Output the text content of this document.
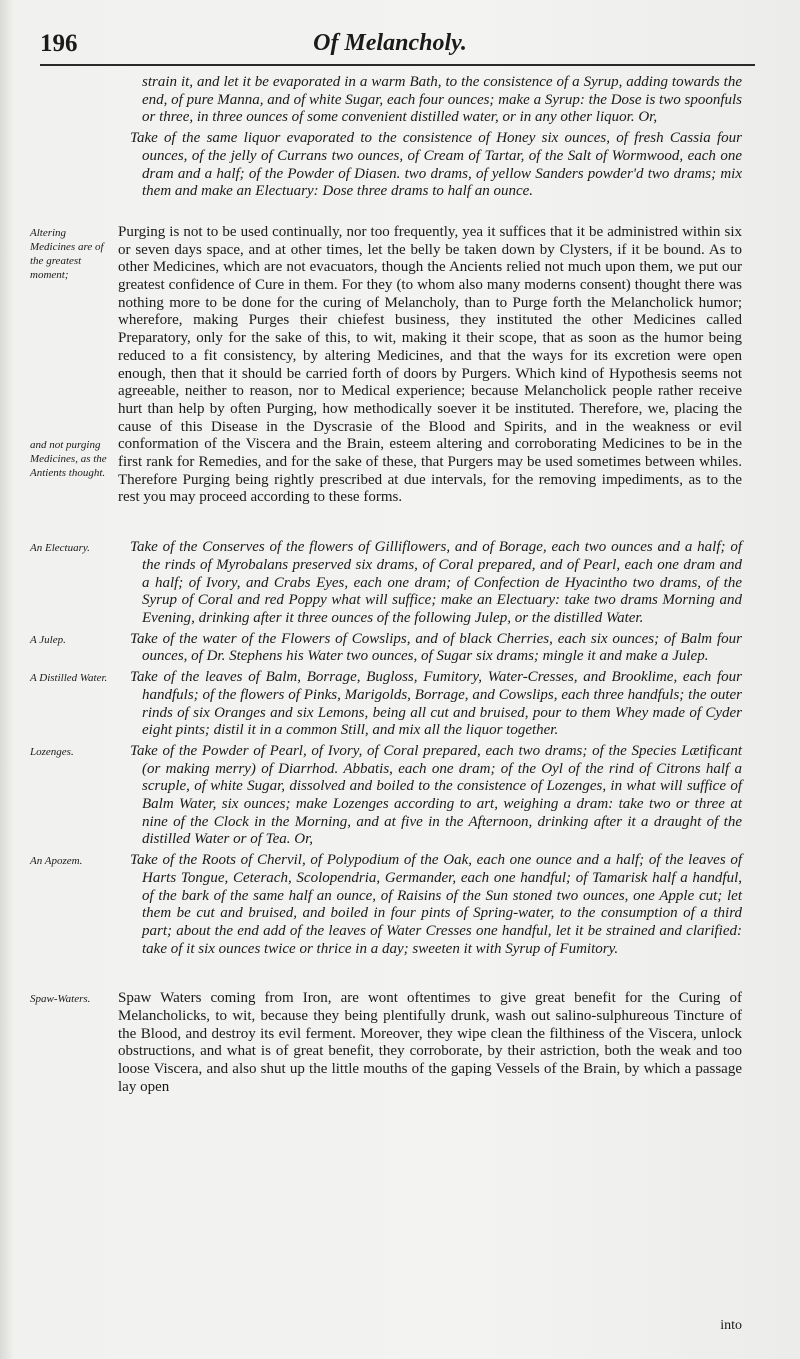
196	Of Melancholy.
strain it, and let it be evaporated in a warm Bath, to the consistence of a Syrup, adding towards the end, of pure Manna, and of white Sugar, each four ounces; make a Syrup: the Dose is two spoonfuls or three, in three ounces of some convenient distilled water, or in any other liquor. Or,
Take of the same liquor evaporated to the consistence of Honey six ounces, of fresh Cassia four ounces, of the jelly of Currans two ounces, of Cream of Tartar, of the Salt of Wormwood, each one dram and a half; of the Powder of Diasen. two drams, of yellow Sanders powder'd two drams; mix them and make an Electuary: Dose three drams to half an ounce.
Altering Medicines are of the greatest moment;
and not purging Medicines, as the Antients thought.
Purging is not to be used continually, nor too frequently, yea it suffices that it be administred within six or seven days space, and at other times, let the belly be taken down by Clysters, if it be bound. As to other Medicines, which are not evacuators, though the Ancients relied not much upon them, we put our greatest confidence of Cure in them. For they (to whom also many moderns consent) thought there was nothing more to be done for the curing of Melancholy, than to Purge forth the Melancholick humor; wherefore, making Purges their chiefest business, they instituted the other Medicines called Preparatory, only for the sake of this, to wit, making it their scope, that as soon as the humor being reduced to a fit consistency, by altering Medicines, and that the ways for its excretion were open enough, then that it should be carried forth of doors by Purgers. Which kind of Hypothesis seems not agreeable, neither to reason, nor to Medical experience; because Melancholick people rather receive hurt than help by often Purging, how methodically soever it be instituted. Therefore, we, placing the cause of this Disease in the Dyscrasie of the Blood and Spirits, and in the weakness or evil conformation of the Viscera and the Brain, esteem altering and corroborating Medicines to be in the first rank for Remedies, and for the sake of these, that Purgers may be used sometimes between whiles. Therefore Purging being rightly prescribed at due intervals, for the removing impediments, as to the rest you may proceed according to these forms.
An Electuary.	Take of the Conserves of the flowers of Gilliflowers, and of Borage, each two ounces and a half; of the rinds of Myrobalans preserved six drams, of Coral prepared, and of Pearl, each one dram and a half; of Ivory, and Crabs Eyes, each one dram; of Confection de Hyacintho two drams, of the Syrup of Coral and red Poppy what will suffice; make an Electuary: take two drams Morning and Evening, drinking after it three ounces of the following Julep, or the distilled Water.
A Julep.	Take of the water of the Flowers of Cowslips, and of black Cherries, each six ounces; of Balm four ounces, of Dr. Stephens his Water two ounces, of Sugar six drams; mingle it and make a Julep.
A Distilled Water.	Take of the leaves of Balm, Borrage, Bugloss, Fumitory, Water-Cresses, and Brooklime, each four handfuls; of the flowers of Pinks, Marigolds, Borrage, and Cowslips, each three handfuls; the outer rinds of six Oranges and six Lemons, being all cut and bruised, pour to them Whey made of Cyder eight pints; distil it in a common Still, and mix all the liquor together.
Lozenges.	Take of the Powder of Pearl, of Ivory, of Coral prepared, each two drams; of the Species Lætificant (or making merry) of Diarrhod. Abbatis, each one dram; of the Oyl of the rind of Citrons half a scruple, of white Sugar, dissolved and boiled to the consistence of Lozenges, in what will suffice of Balm Water, six ounces; make Lozenges according to art, weighing a dram: take two or three at nine of the Clock in the Morning, and at five in the Afternoon, drinking after it a draught of the distilled Water or of Tea. Or,
An Apozem.	Take of the Roots of Chervil, of Polypodium of the Oak, each one ounce and a half; of the leaves of Harts Tongue, Ceterach, Scolopendria, Germander, each one handful; of Tamarisk half a handful, of the bark of the same half an ounce, of Raisins of the Sun stoned two ounces, one Apple cut; let them be cut and bruised, and boiled in four pints of Spring-water, to the consumption of a third part; about the end add of the leaves of Water Cresses one handful, let it be strained and clarified: take of it six ounces twice or thrice in a day; sweeten it with Syrup of Fumitory.
Spaw-Waters.	Spaw Waters coming from Iron, are wont oftentimes to give great benefit for the Curing of Melancholicks, to wit, because they being plentifully drunk, wash out salino-sulphureous Tincture of the Blood, and destroy its evil ferment. Moreover, they wipe clean the filthiness of the Viscera, unlock obstructions, and what is of great benefit, they corroborate, by their astriction, both the weak and too loose Viscera, and also shut up the little mouths of the gaping Vessels of the Brain, by which a passage lay open
into
